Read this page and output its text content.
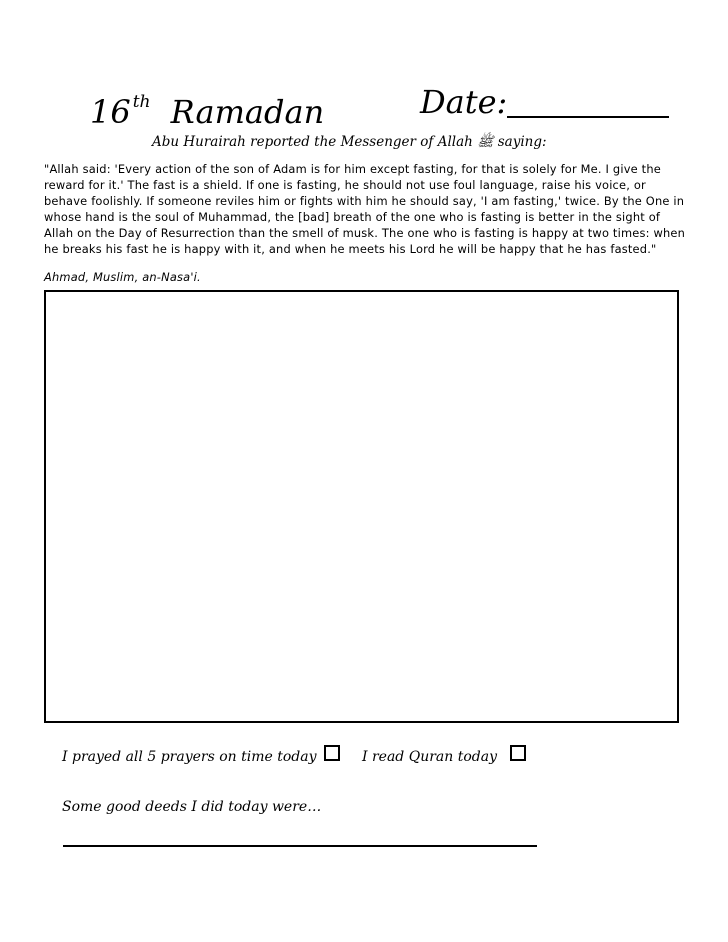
16 $^{th}$ Ramadan	Date:
Abu Hurairah reported the Messenger of Allah ﷺ saying:
"Allah said: 'Every action of the son of Adam is for him except fasting, for that is solely for Me. I give the reward for it.' The fast is a shield. If one is fasting, he should not use foul language, raise his voice, or behave foolishly. If someone reviles him or fights with him he should say, 'I am fasting,' twice. By the One in whose hand is the soul of Muhammad, the [bad] breath of the one who is fasting is better in the sight of Allah on the Day of Resurrection than the smell of musk. The one who is fasting is happy at two times: when he breaks his fast he is happy with it, and when he meets his Lord he will be happy that he has fasted."
Ahmad, Muslim, an-Nasa'i.
I prayed all 5 prayers on time today	I read Quran today
Some good deeds I did today were…
